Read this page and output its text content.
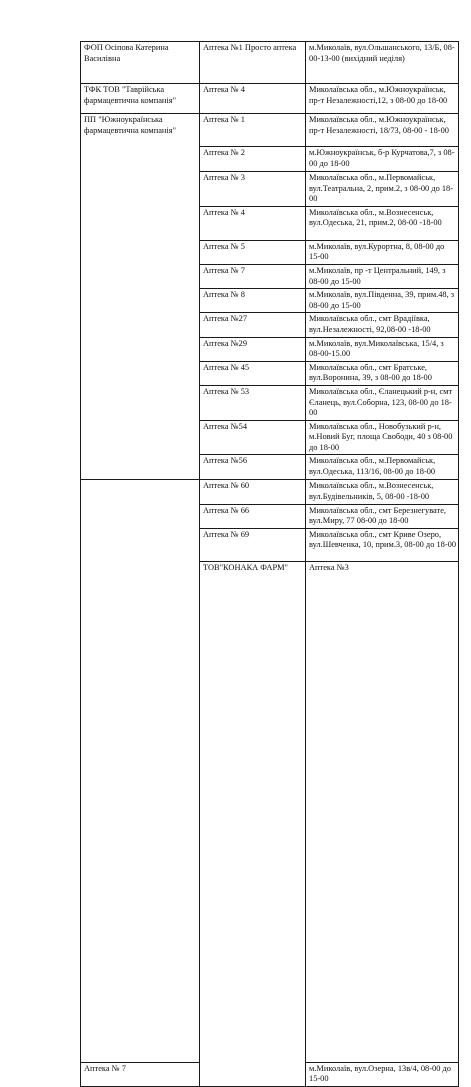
ФОП Осіпова Катерина Василівна	Аптека №1 Просто аптека	м.Миколаїв, вул.Ольшанського, 13/Б, 08-00-13-00 (вихідний неділя)	
ТФК ТОВ "Таврійська фармацевтична компанія"	Аптека № 4	Миколаївська обл., м.Южноукраїнськ, пр-т Незалежності,12, з 08-00 до 18-00	
ПП "Южноукраїнська фармацевтична компанія"	Аптека № 1	Миколаївська обл., м.Южноукраїнськ, пр-т Незалежності, 18/73, 08-00 - 18-00	
	Аптека № 2	м.Южноукраїнськ, б-р Курчатова,7, з 08-00 до 18-00	
	Аптека № 3	Миколаївська обл., м.Первомайськ, вул.Театральна, 2, прим.2, з 08-00 до 18-00	
	Аптека № 4	Миколаївська обл., м.Вознесенськ, вул.Одеська, 21, прим.2, 08-00 -18-00	
	Аптека № 5	м.Миколаїв, вул.Курортна, 8, 08-00 до 15-00	
	Аптека № 7	м.Миколаїв, пр -т Центральний, 149, з 08-00 до 15-00	
	Аптека № 8	м.Миколаїв, вул.Південна, 39, прим.48, з 08-00 до 15-00	
	Аптека №27	Миколаївська обл., смт Врадіївка, вул.Незалежності, 92,08-00 -18-00	
	Аптека №29	м.Миколаїв, вул.Миколаївська, 15/4, з 08-00-15.00	
	Аптека № 45	Миколаївська обл., смт Братське, вул.Воронина, 39, з 08-00 до 18-00	
	Аптека № 53	Миколаївська обл., Єланецький р-н, смт Єланець, вул.Соборна, 123, 08-00 до 18-00	
	Аптека №54	Миколаївська обл., Новобузький р-н, м.Новий Буг, площа Свободи, 40 з 08-00 до 18-00	
	Аптека №56	Миколаївська обл., м.Первомайськ, вул.Одеська, 113/16, 08-00 до 18-00	
	Аптека № 60	Миколаївська обл., м.Вознесенськ, вул.Будівельників, 5, 08-00 -18-00	
	Аптека № 66	Миколаївська обл., смт Березнегувате, вул.Миру, 77 08-00 до 18-00	
	Аптека № 69	Миколаївська обл., смт Криве Озеро, вул.Шевченка, 10, прим.3, 08-00 до 18-00	
	ТОВ"КОНАКА ФАРМ"	Аптека №3	
Аптека № 7		м.Миколаїв, вул.Озерна, 13в/4, 08-00 до 15-00	
